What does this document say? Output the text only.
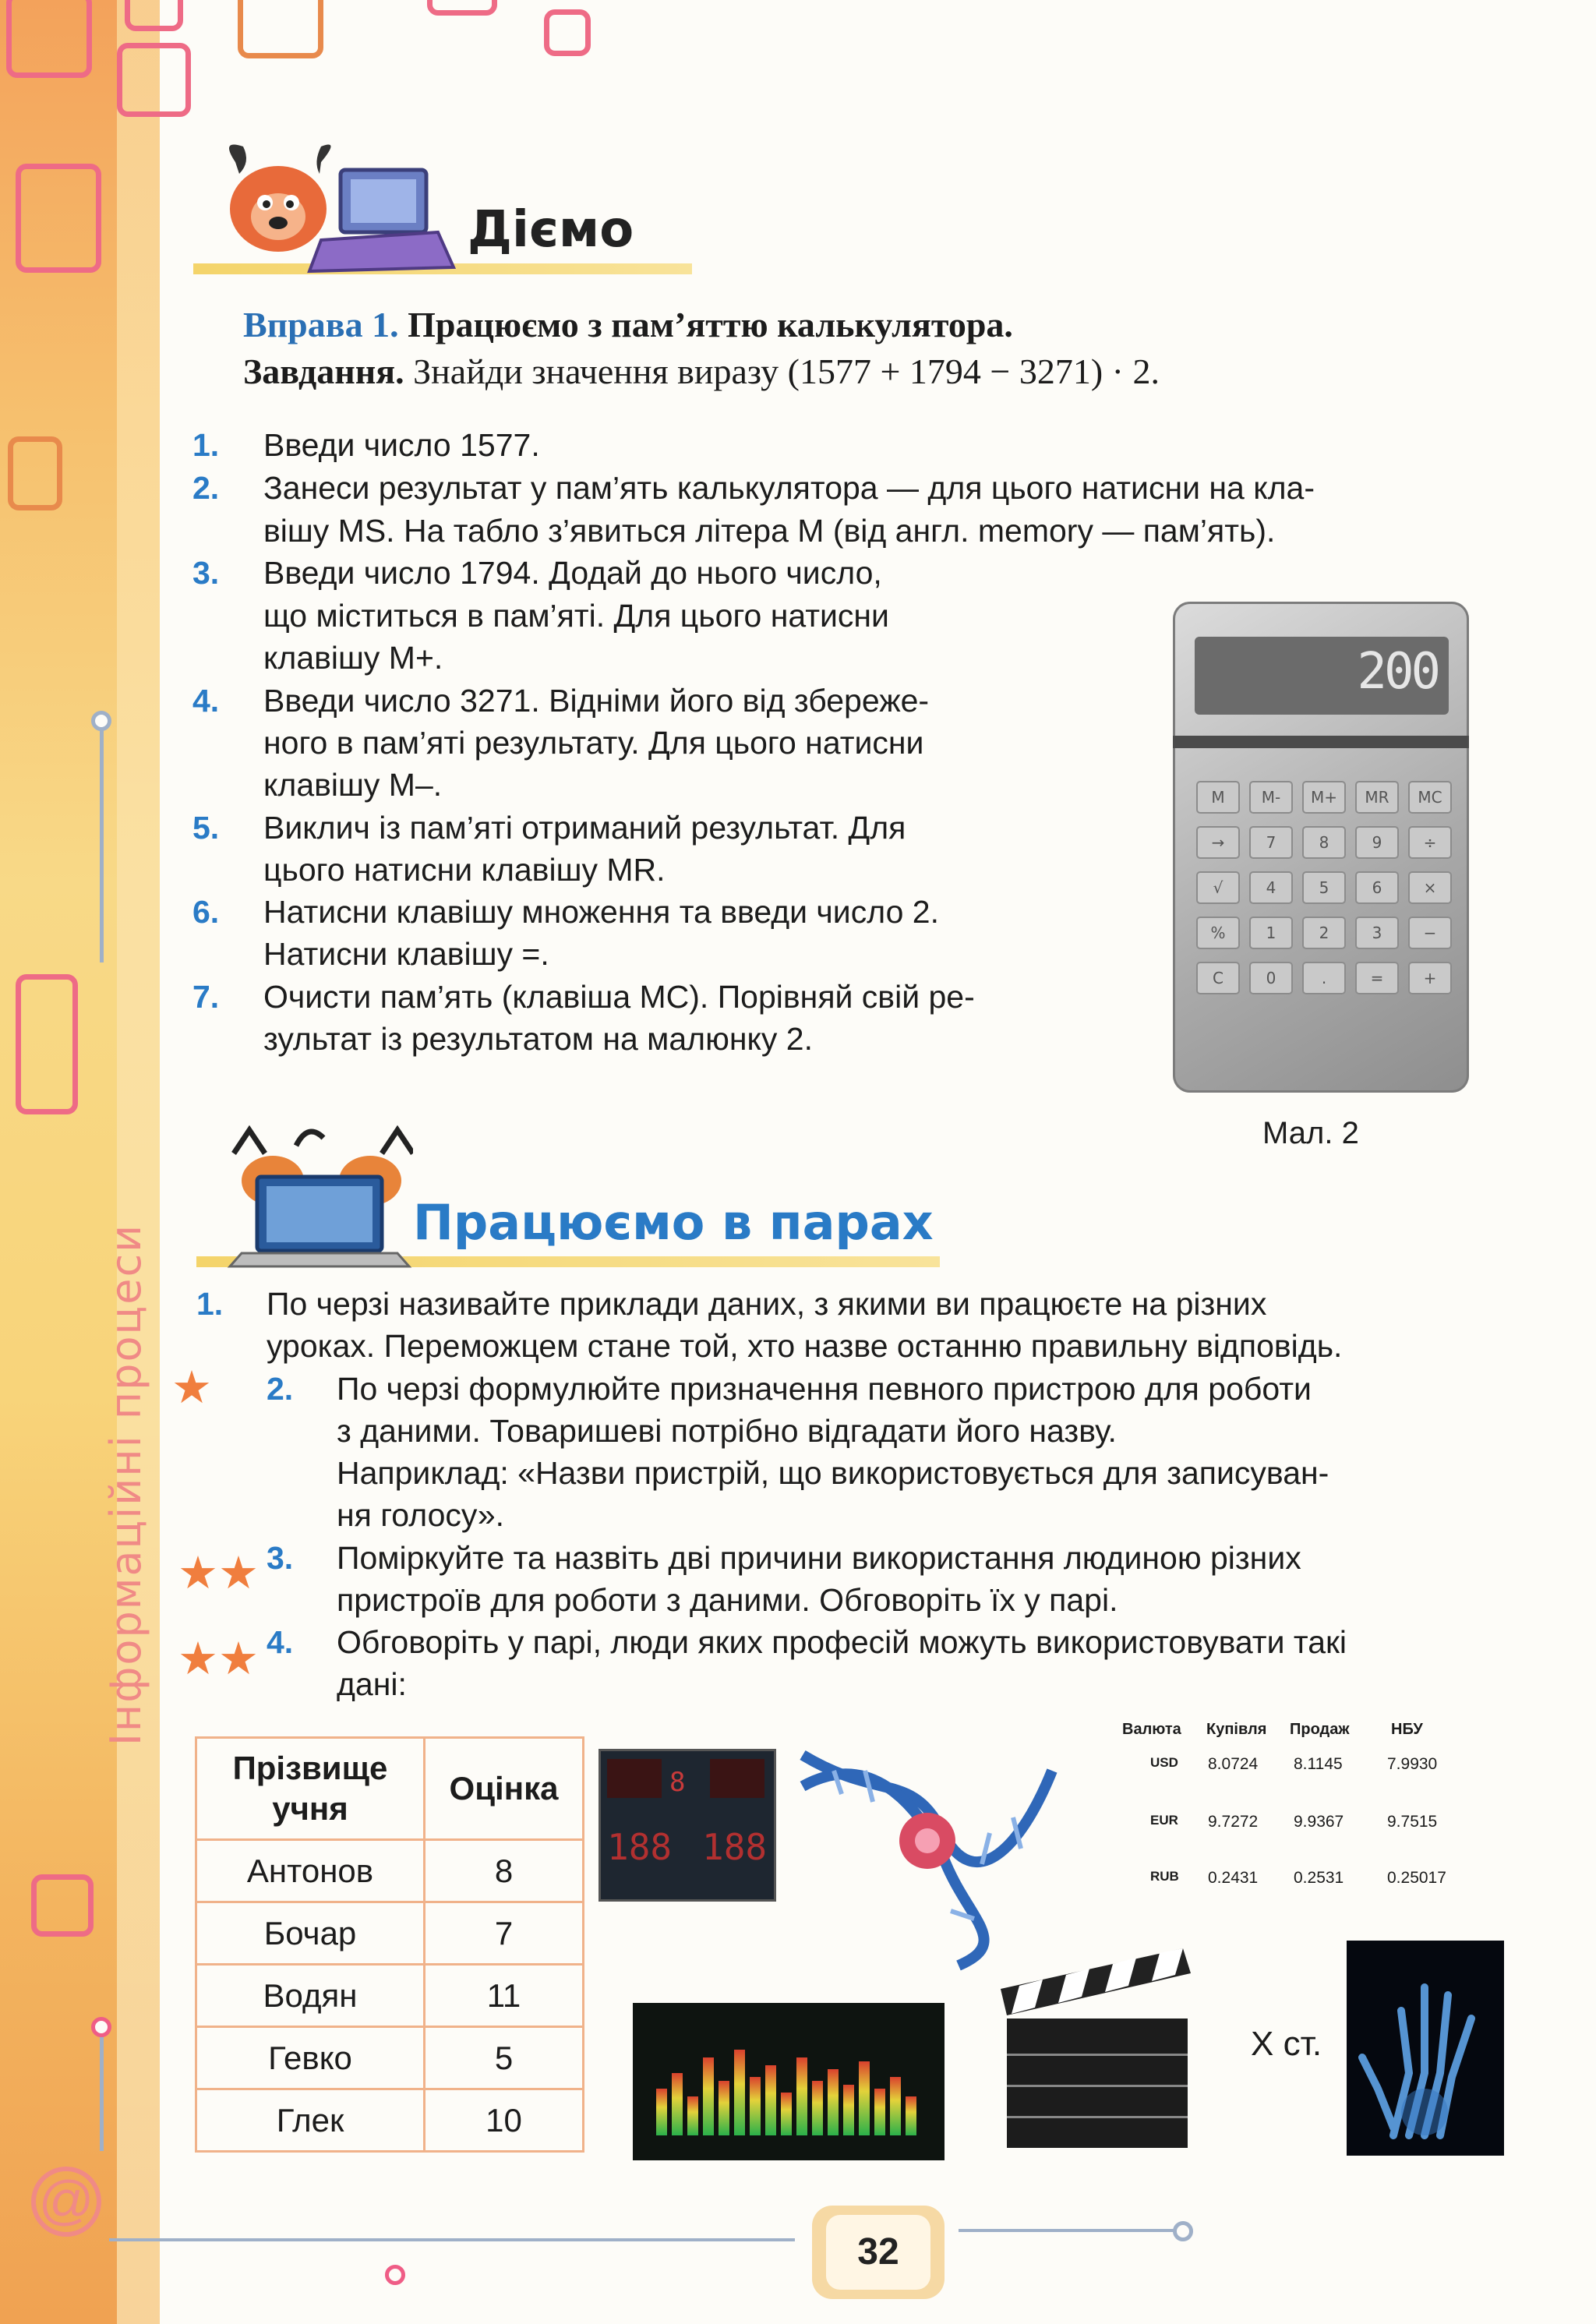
Інформаційні процеси
@
Діємо
Вправа 1. Працюємо з пам’яттю калькулятора.
Завдання. Знайди значення виразу (1577 + 1794 − 3271) · 2.
1. Введи число 1577.
2. Занеси результат у пам’ять калькулятора — для цього натисни на кла-
вішу MS. На табло з’явиться літера М (від англ. memory — пам’ять).
3. Введи число 1794. Додай до нього число,
що міститься в пам’яті. Для цього натисни
клавішу M+.
4. Введи число 3271. Відніми його від збереже-
ного в пам’яті результату. Для цього натисни
клавішу M–.
5. Виклич із пам’яті отриманий результат. Для
цього натисни клавішу MR.
6. Натисни клавішу множення та введи число 2.
Натисни клавішу =.
7. Очисти пам’ять (клавіша MC). Порівняй свій ре-
зультат із результатом на малюнку 2.
200
M	M-	M+	MR	MC
→	7	8	9	÷
√	4	5	6	×
%	1	2	3	−
C	0	.	=	+
Мал. 2
Працюємо в парах
1. По черзі називайте приклади даних, з якими ви працюєте на різних
уроках. Переможцем стане той, хто назве останню правильну відповідь.
★ 2. По черзі формулюйте призначення певного пристрою для роботи
з даними. Товаришеві потрібно відгадати його назву.
Наприклад: «Назви пристрій, що використовується для записуван-
ня голосу».
★★ 3. Поміркуйте та назвіть дві причини використання людиною різних
пристроїв для роботи з даними. Обговоріть їх у парі.
★★ 4. Обговоріть у парі, люди яких професій можуть використовувати такі
дані:
Прізвище учня	Оцінка
Антонов	8
Бочар	7
Водян	11
Гевко	5
Глек	10
8
188 188
Валюта Купівля Продаж	НБУ
USD 8.0724 8.1145	7.9930
EUR 9.7272 9.9367	9.7515
RUB 0.2431 0.2531	0.25017
Х ст.
32
